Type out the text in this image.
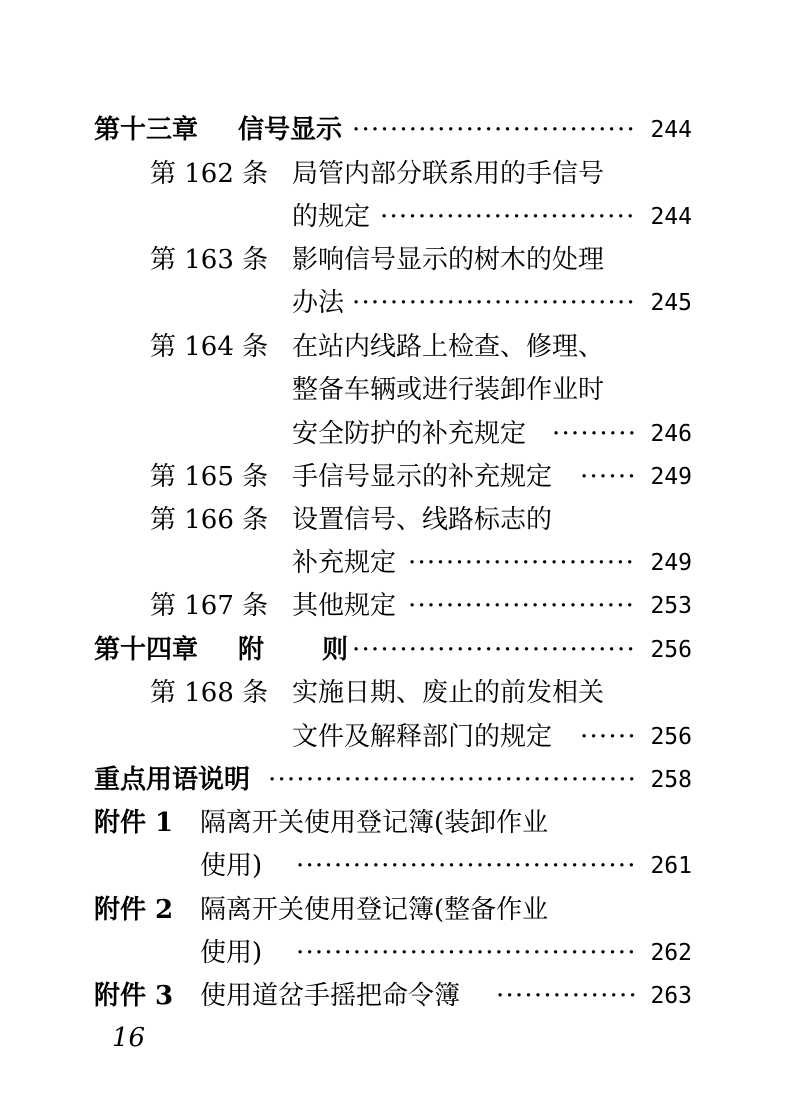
第十三章 信号显示 ·····	244
第 162 条 局管内部分联系用的手信号
的规定 ·····	244
第 163 条 影响信号显示的树木的处理
办法 ·····	245
第 164 条 在站内线路上检查、修理、
整备车辆或进行装卸作业时
安全防护的补充规定 ·····	246
第 165 条 手信号显示的补充规定 ·····	249
第 166 条 设置信号、线路标志的
补充规定 ·····	249
第 167 条 其他规定 ·····	253
第十四章 附 则 ·····	256
第 168 条 实施日期、废止的前发相关
文件及解释部门的规定 ·····	256
重点用语说明 ·····	258
附件 1 隔离开关使用登记簿(装卸作业
使用) ·····	261
附件 2 隔离开关使用登记簿(整备作业
使用) ·····	262
附件 3 使用道岔手摇把命令簿 ·····	263
16
